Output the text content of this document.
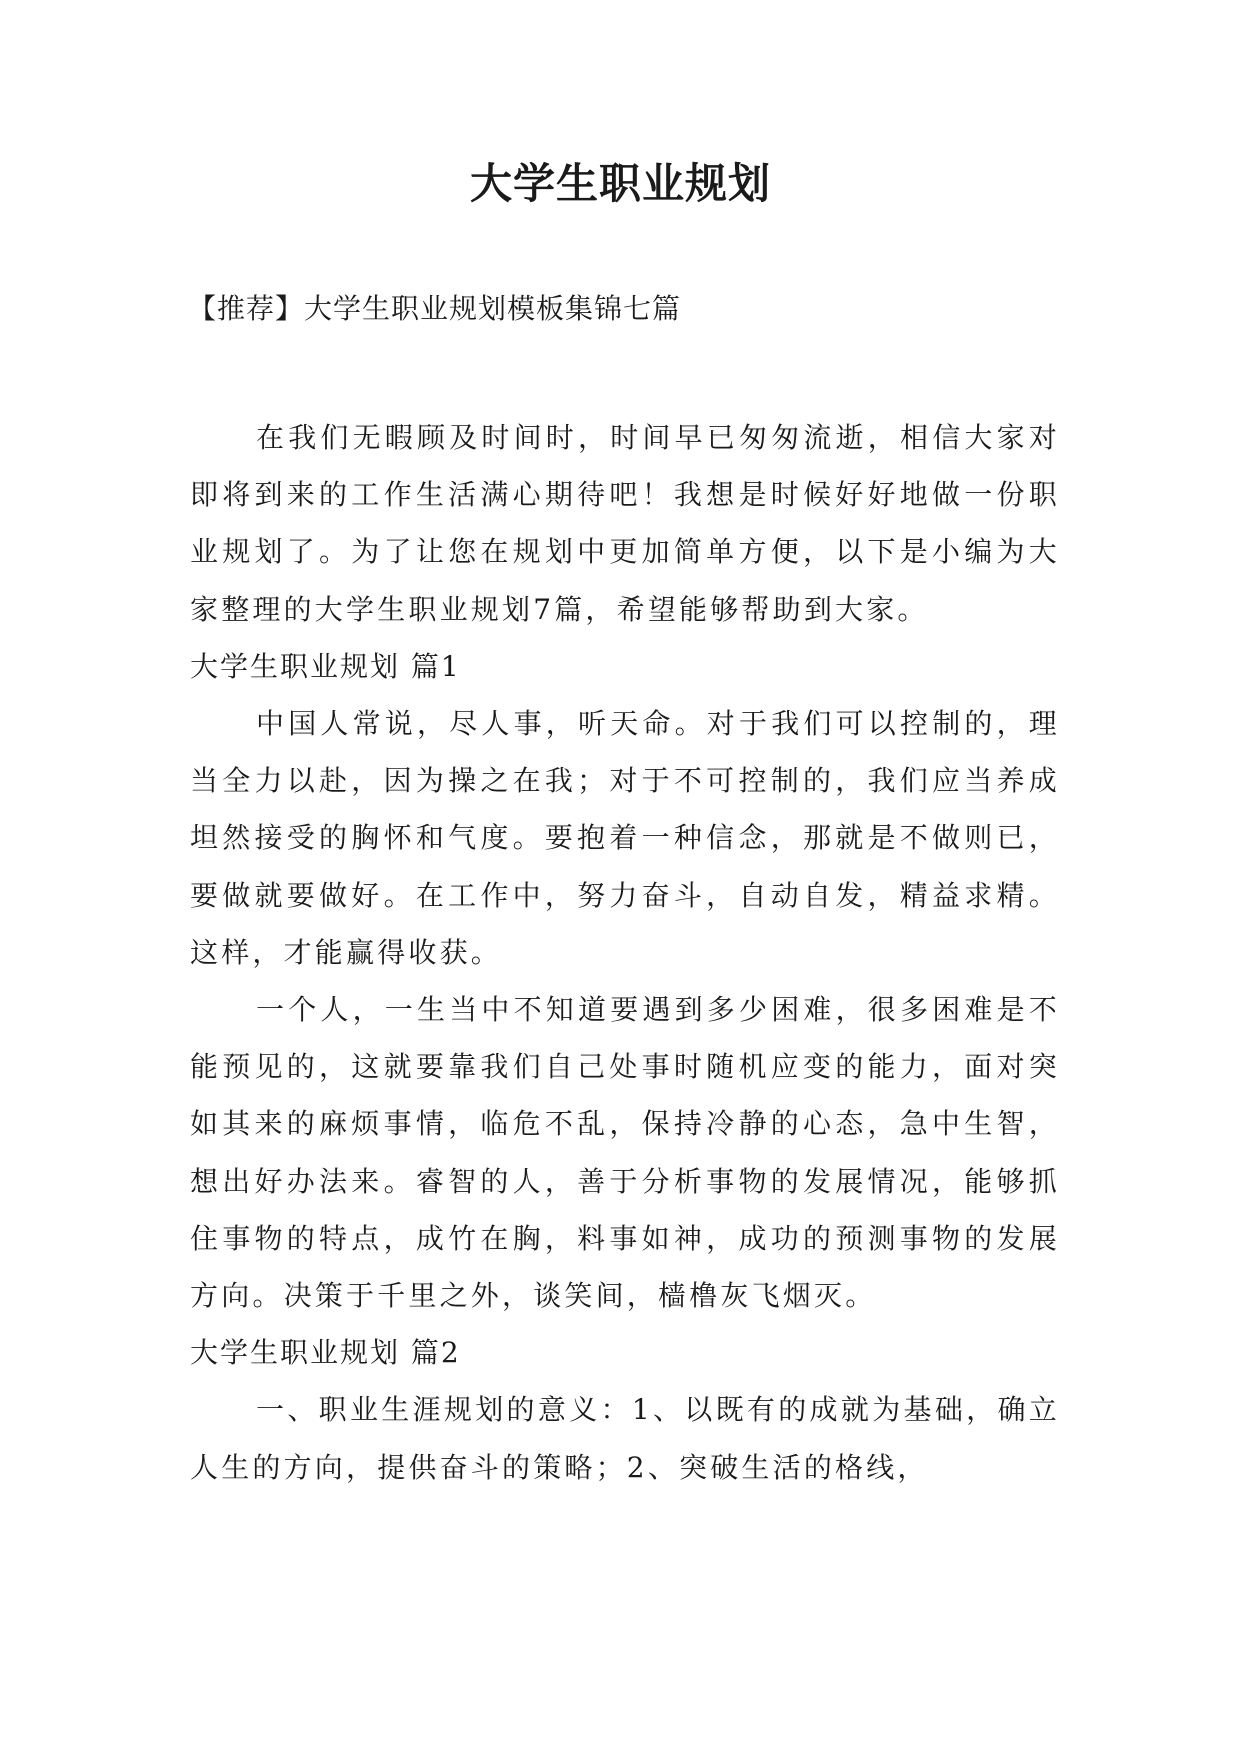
大学生职业规划
【推荐】大学生职业规划模板集锦七篇

在我们无暇顾及时间时，时间早已匆匆流逝，相信大家对即将到来的工作生活满心期待吧！我想是时候好好地做一份职业规划了。为了让您在规划中更加简单方便，以下是小编为大家整理的大学生职业规划7篇，希望能够帮助到大家。

大学生职业规划 篇1

中国人常说，尽人事，听天命。对于我们可以控制的，理当全力以赴，因为操之在我；对于不可控制的，我们应当养成坦然接受的胸怀和气度。要抱着一种信念，那就是不做则已，要做就要做好。在工作中，努力奋斗，自动自发，精益求精。这样，才能赢得收获。

一个人，一生当中不知道要遇到多少困难，很多困难是不能预见的，这就要靠我们自己处事时随机应变的能力，面对突如其来的麻烦事情，临危不乱，保持冷静的心态，急中生智，想出好办法来。睿智的人，善于分析事物的发展情况，能够抓住事物的特点，成竹在胸，料事如神，成功的预测事物的发展方向。决策于千里之外，谈笑间，樯橹灰飞烟灭。

大学生职业规划 篇2

一、职业生涯规划的意义：1、以既有的成就为基础，确立人生的方向，提供奋斗的策略；2、突破生活的格线，
